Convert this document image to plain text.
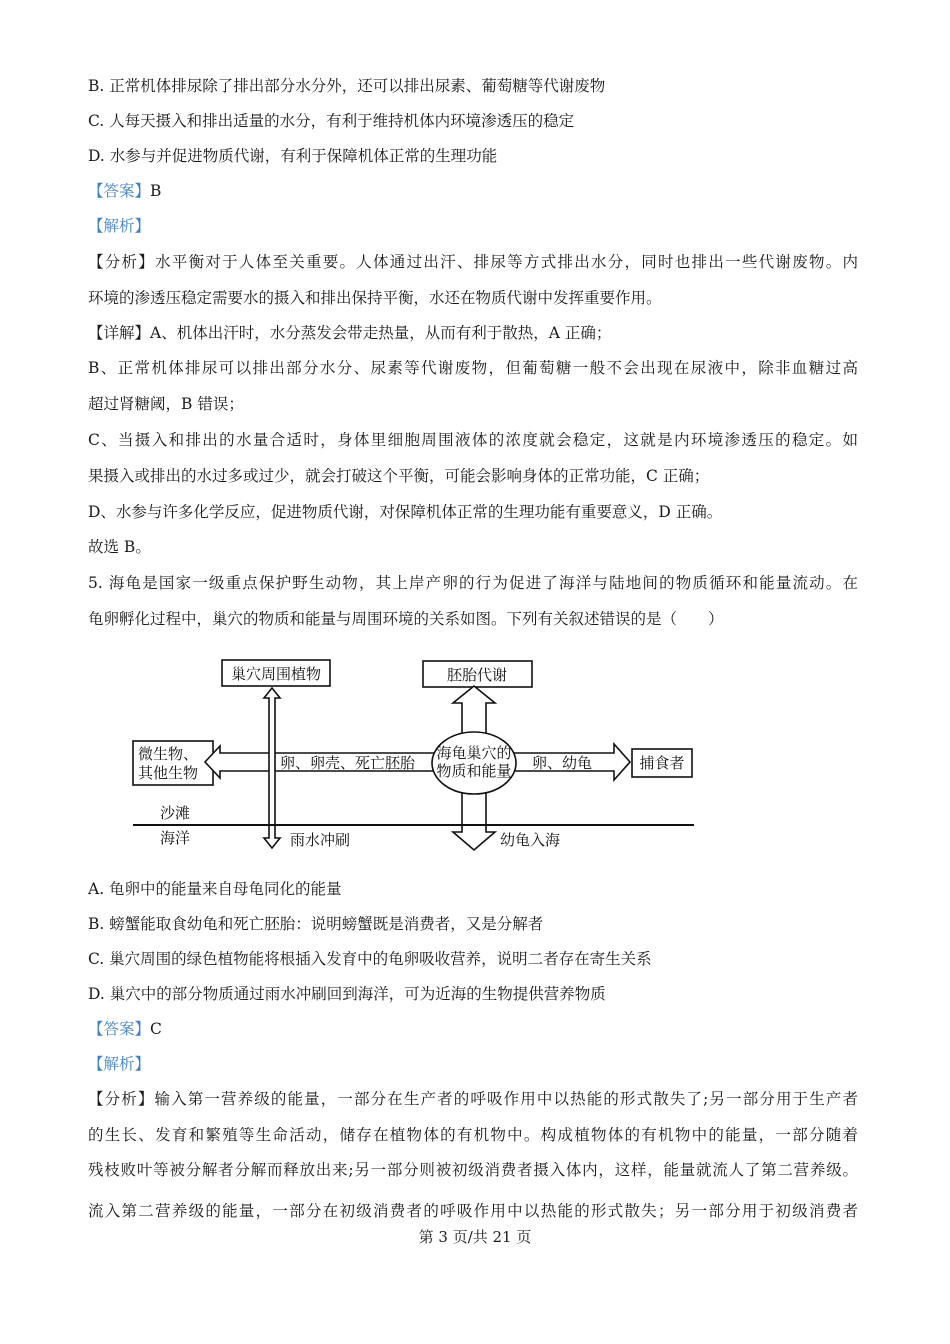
B. 正常机体排尿除了排出部分水分外，还可以排出尿素、葡萄糖等代谢废物
C. 人每天摄入和排出适量的水分，有利于维持机体内环境渗透压的稳定
D. 水参与并促进物质代谢，有利于保障机体正常的生理功能
【答案】B
【解析】
【分析】水平衡对于人体至关重要。人体通过出汗、排尿等方式排出水分，同时也排出一些代谢废物。内
环境的渗透压稳定需要水的摄入和排出保持平衡，水还在物质代谢中发挥重要作用。
【详解】A、机体出汗时，水分蒸发会带走热量，从而有利于散热，A 正确；
B、正常机体排尿可以排出部分水分、尿素等代谢废物，但葡萄糖一般不会出现在尿液中，除非血糖过高
超过肾糖阈，B 错误；
C、当摄入和排出的水量合适时，身体里细胞周围液体的浓度就会稳定，这就是内环境渗透压的稳定。如
果摄入或排出的水过多或过少，就会打破这个平衡，可能会影响身体的正常功能，C 正确；
D、水参与许多化学反应，促进物质代谢，对保障机体正常的生理功能有重要意义，D 正确。
故选 B。
5. 海龟是国家一级重点保护野生动物，其上岸产卵的行为促进了海洋与陆地间的物质循环和能量流动。在
龟卵孵化过程中，巢穴的物质和能量与周围环境的关系如图。下列有关叙述错误的是（　　）
巢穴周围植物	胚胎代谢
微生物、
其他生物
捕食者
海龟巢穴的
物质和能量
卵、卵壳、死亡胚胎	卵、幼龟
沙滩
海洋	雨水冲刷	幼龟入海
A. 龟卵中的能量来自母龟同化的能量
B. 螃蟹能取食幼龟和死亡胚胎：说明螃蟹既是消费者，又是分解者
C. 巢穴周围的绿色植物能将根插入发育中的龟卵吸收营养，说明二者存在寄生关系
D. 巢穴中的部分物质通过雨水冲刷回到海洋，可为近海的生物提供营养物质
【答案】C
【解析】
【分析】输入第一营养级的能量，一部分在生产者的呼吸作用中以热能的形式散失了;另一部分用于生产者
的生长、发育和繁殖等生命活动，储存在植物体的有机物中。构成植物体的有机物中的能量，一部分随着
残枝败叶等被分解者分解而释放出来;另一部分则被初级消费者摄入体内，这样，能量就流人了第二营养级。
流入第二营养级的能量，一部分在初级消费者的呼吸作用中以热能的形式散失；另一部分用于初级消费者
第 3 页/共 21 页
